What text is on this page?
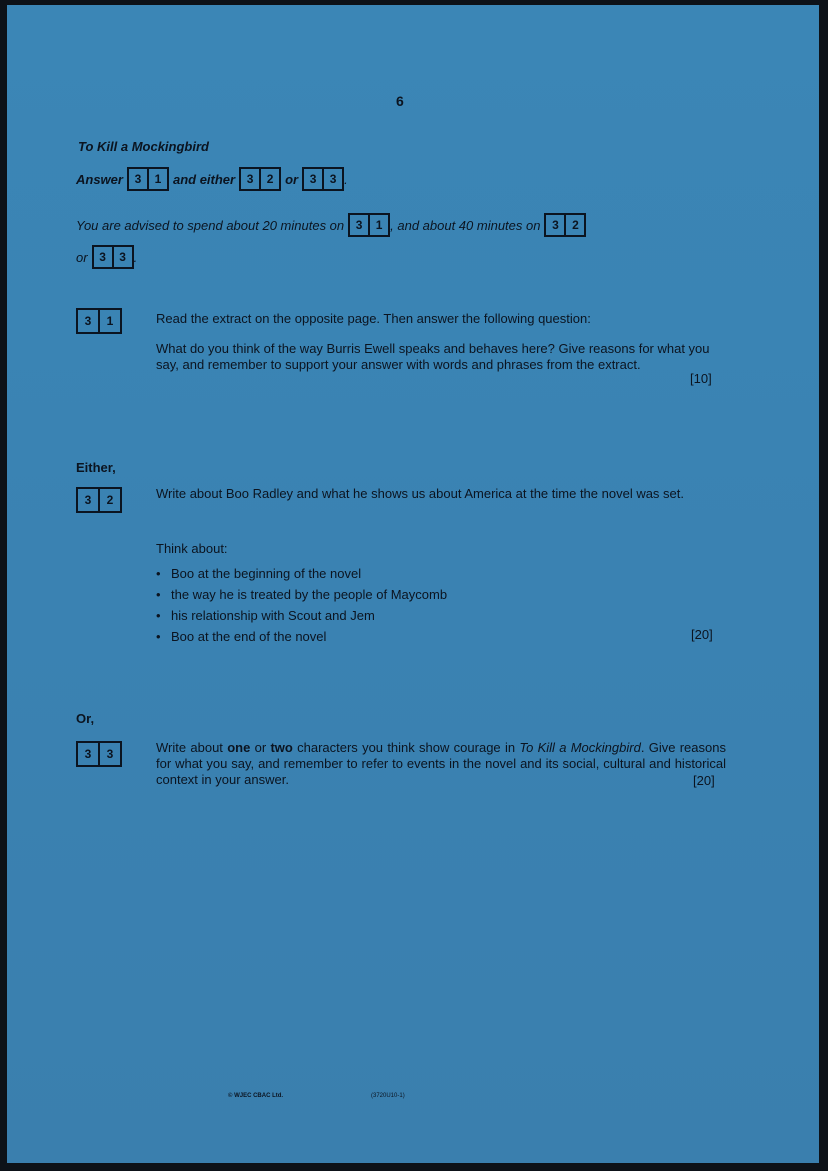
6
To Kill a Mockingbird
Answer 3	1 and either 3	2 or 3	3 .
You are advised to spend about 20 minutes on 3	1 , and about 40 minutes on 3	2
or 3	3 .
3	1	Read the extract on the opposite page. Then answer the following question:
What do you think of the way Burris Ewell speaks and behaves here? Give reasons for what you say, and remember to support your answer with words and phrases from the extract.
[10]
Either,
3	2	Write about Boo Radley and what he shows us about America at the time the novel was set.
Think about:
• Boo at the beginning of the novel
• the way he is treated by the people of Maycomb
• his relationship with Scout and Jem
• Boo at the end of the novel	[20]
Or,
3	3	Write about one or two characters you think show courage in To Kill a Mockingbird. Give reasons for what you say, and remember to refer to events in the novel and its social, cultural and historical context in your answer.	[20]
© WJEC CBAC Ltd.	(3720U10-1)
